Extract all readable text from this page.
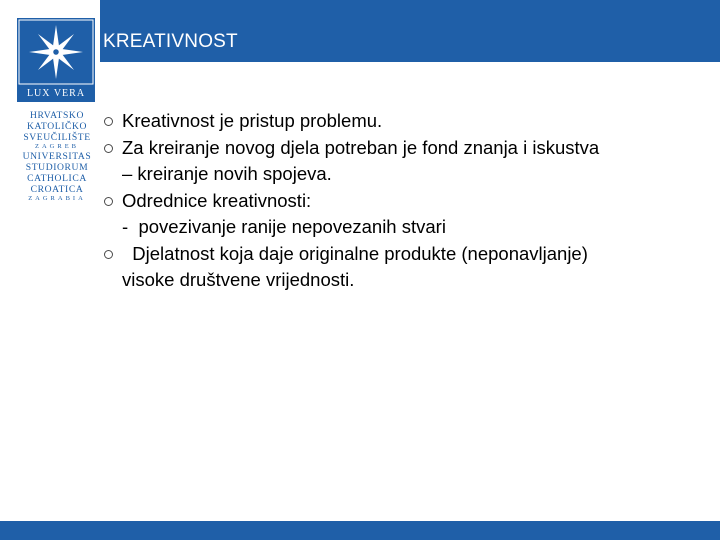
KREATIVNOST
LUX VERA
HRVATSKO
KATOLIČKO
SVEUČILIŠTE
ZAGREB
UNIVERSITAS
STUDIORUM
CATHOLICA
CROATICA
ZAGRABIA
Kreativnost je pristup problemu.
Za kreiranje novog djela potreban je fond znanja i iskustva
– kreiranje novih spojeva.
Odrednice kreativnosti:
-  povezivanje ranije nepovezanih stvari
Djelatnost koja daje originalne produkte (neponavljanje)
visoke društvene vrijednosti.
